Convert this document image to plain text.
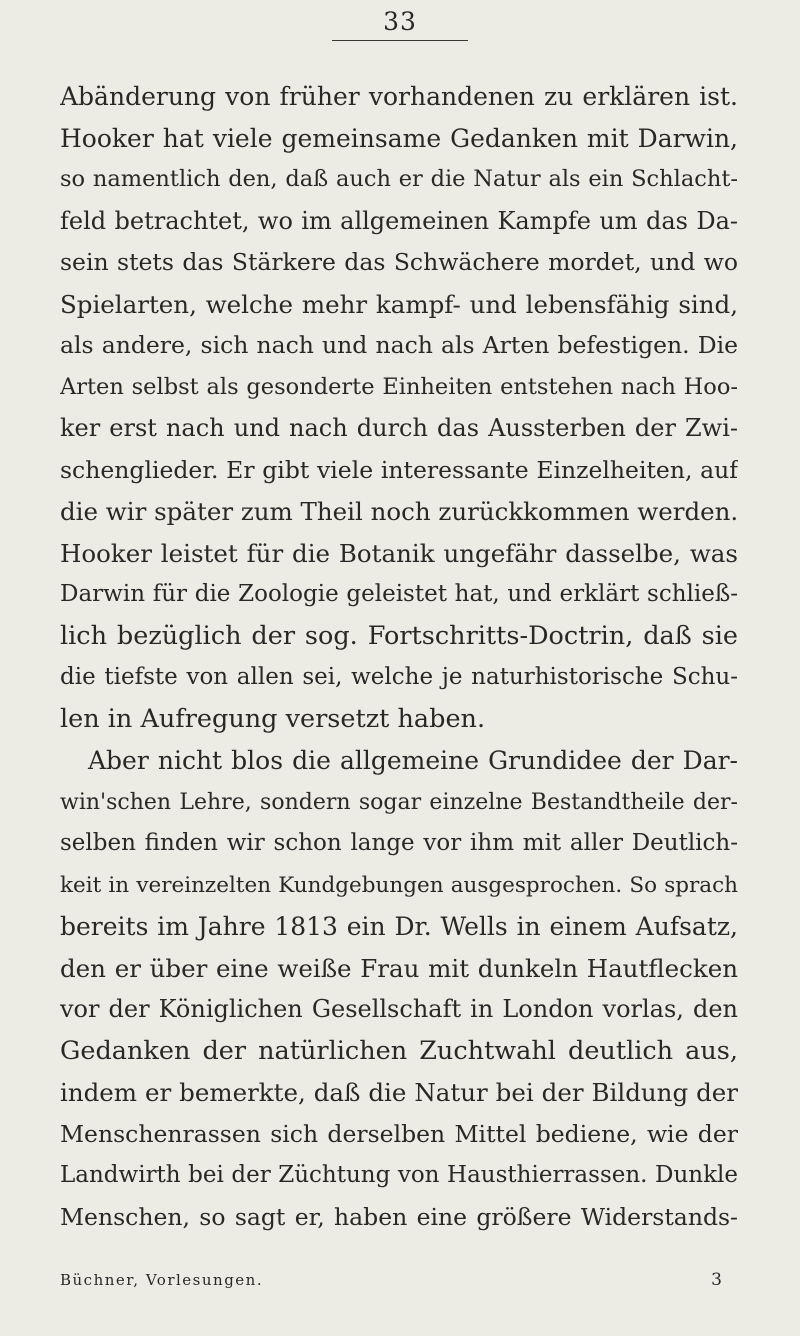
33
Abänderung von früher vorhandenen zu erklären ist.
Hooker hat viele gemeinsame Gedanken mit Darwin,
so namentlich den, daß auch er die Natur als ein Schlacht-
feld betrachtet, wo im allgemeinen Kampfe um das Da-
sein stets das Stärkere das Schwächere mordet, und wo
Spielarten, welche mehr kampf- und lebensfähig sind,
als andere, sich nach und nach als Arten befestigen. Die
Arten selbst als gesonderte Einheiten entstehen nach Hoo-
ker erst nach und nach durch das Aussterben der Zwi-
schenglieder. Er gibt viele interessante Einzelheiten, auf
die wir später zum Theil noch zurückkommen werden.
Hooker leistet für die Botanik ungefähr dasselbe, was
Darwin für die Zoologie geleistet hat, und erklärt schließ-
lich bezüglich der sog. Fortschritts-Doctrin, daß sie
die tiefste von allen sei, welche je naturhistorische Schu-
len in Aufregung versetzt haben.
Aber nicht blos die allgemeine Grundidee der Dar-
win'schen Lehre, sondern sogar einzelne Bestandtheile der-
selben finden wir schon lange vor ihm mit aller Deutlich-
keit in vereinzelten Kundgebungen ausgesprochen. So sprach
bereits im Jahre 1813 ein Dr. Wells in einem Aufsatz,
den er über eine weiße Frau mit dunkeln Hautflecken
vor der Königlichen Gesellschaft in London vorlas, den
Gedanken der natürlichen Zuchtwahl deutlich aus,
indem er bemerkte, daß die Natur bei der Bildung der
Menschenrassen sich derselben Mittel bediene, wie der
Landwirth bei der Züchtung von Hausthierrassen. Dunkle
Menschen, so sagt er, haben eine größere Widerstands-
Büchner, Vorlesungen.	3
